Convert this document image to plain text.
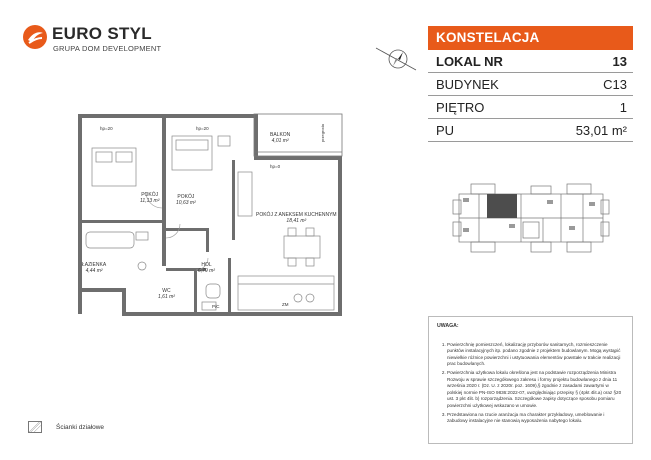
EURO STYL
GRUPA DOM DEVELOPMENT
KONSTELACJA
LOKAL NR	13
BUDYNEK	C13
PIĘTRO	1
PU	53,01 m²
BALKON
4,01 m²
POKÓJ
11,13 m²
POKÓJ
10,63 m²
POKÓJ Z ANEKSEM KUCHENNYM
18,41 m²
ŁAZIENKA
4,44 m²
HOL
6,79 m²
WC
1,61 m²
hp=20	hp=20
hp=0
przegroda
ZM
P/C
UWAGA:
1. Powierzchnię pomieszczeń, lokalizację przyborów sanitarnych, rozmieszczenie punktów instalacyjnych itp. podano zgodnie z projektem budowlanym. Mogą wystąpić niewielkie różnice powierzchni i ustytuowania elementów powstałe w trakcie realizacji prac budowlanych.
2. Powierzchnia użytkowa lokalu określona jest na podstawie rozporządzenia Ministra Rozwoju w sprawie szczegółowego zakresu i formy projektu budowlanego z dnia 11 września 2020 r. (Dz. U. z 2020r. poz. 1609),§ zgodnie z zasadami zawartymi w polskiej normie PN-ISO 9836:2022-07, uwzględniając przepisy § (4pkt 4lit.a) oraz §20 ust. 3 pkt 4lit. b) rozporządzenia. Szczegółowe zapisy dotyczące sposobu pomiaru powierzchni użytkowej wskazano w umowie.
3. Przedstawiona na rzucie aranżacja ma charakter przykładowy, umeblowanie i zabudowy instalacyjne nie stanowią wyposażenia nabytego lokalu.
Ścianki działowe
